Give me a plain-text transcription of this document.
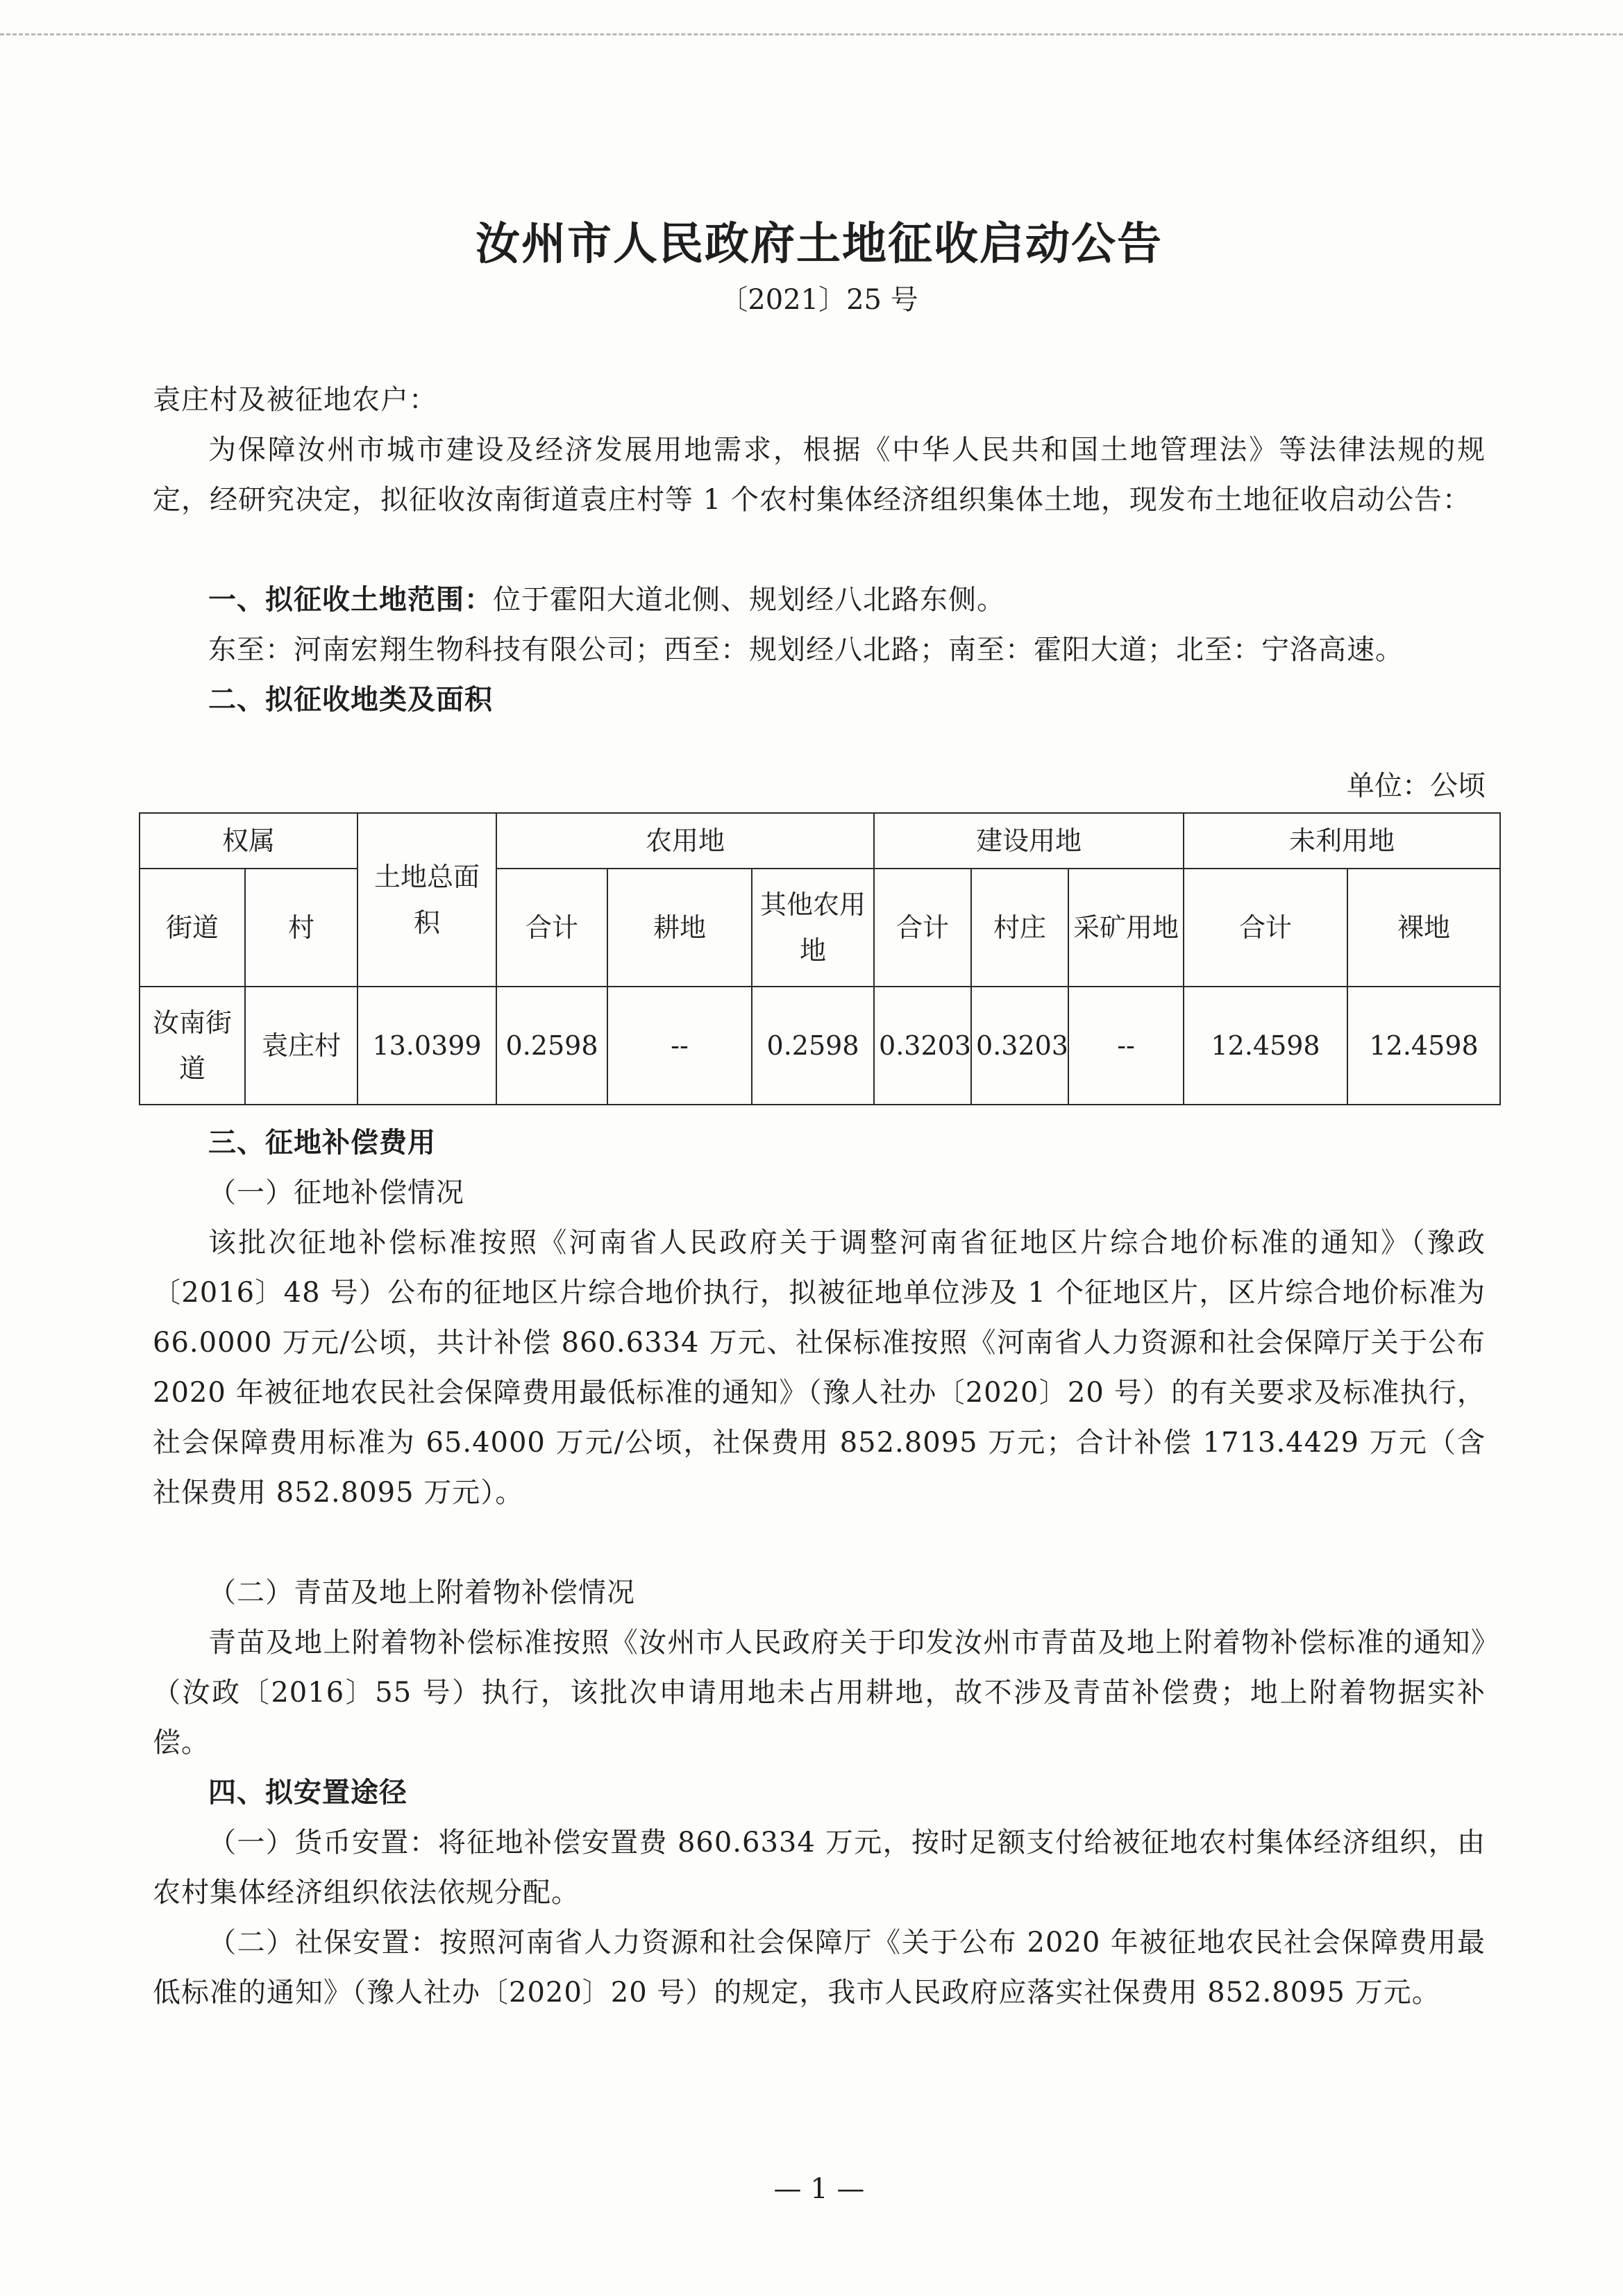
汝州市人民政府土地征收启动公告
〔2021〕25 号
袁庄村及被征地农户：
为保障汝州市城市建设及经济发展用地需求，根据《中华人民共和国土地管理法》等法律法规的规定，经研究决定，拟征收汝南街道袁庄村等 1 个农村集体经济组织集体土地，现发布土地征收启动公告：
一、拟征收土地范围：位于霍阳大道北侧、规划经八北路东侧。
东至：河南宏翔生物科技有限公司；西至：规划经八北路；南至：霍阳大道；北至：宁洛高速。
二、拟征收地类及面积
单位：公顷
权属		土地总面积	农用地			建设用地			未利用地	
街道	村		合计	耕地	其他农用地	合计	村庄	采矿用地	合计	裸地
汝南街道	袁庄村	13.0399	0.2598	--	0.2598	0.3203	0.3203	--	12.4598	12.4598
三、征地补偿费用
（一）征地补偿情况
该批次征地补偿标准按照《河南省人民政府关于调整河南省征地区片综合地价标准的通知》（豫政〔2016〕48 号）公布的征地区片综合地价执行，拟被征地单位涉及 1 个征地区片，区片综合地价标准为 66.0000 万元/公顷，共计补偿 860.6334 万元、社保标准按照《河南省人力资源和社会保障厅关于公布 2020 年被征地农民社会保障费用最低标准的通知》（豫人社办〔2020〕20 号）的有关要求及标准执行，社会保障费用标准为 65.4000 万元/公顷，社保费用 852.8095 万元；合计补偿 1713.4429 万元（含社保费用 852.8095 万元）。
（二）青苗及地上附着物补偿情况
青苗及地上附着物补偿标准按照《汝州市人民政府关于印发汝州市青苗及地上附着物补偿标准的通知》（汝政〔2016〕55 号）执行，该批次申请用地未占用耕地，故不涉及青苗补偿费；地上附着物据实补偿。
四、拟安置途径
（一）货币安置：将征地补偿安置费 860.6334 万元，按时足额支付给被征地农村集体经济组织，由农村集体经济组织依法依规分配。
（二）社保安置：按照河南省人力资源和社会保障厅《关于公布 2020 年被征地农民社会保障费用最低标准的通知》（豫人社办〔2020〕20 号）的规定，我市人民政府应落实社保费用 852.8095 万元。
— 1 —
